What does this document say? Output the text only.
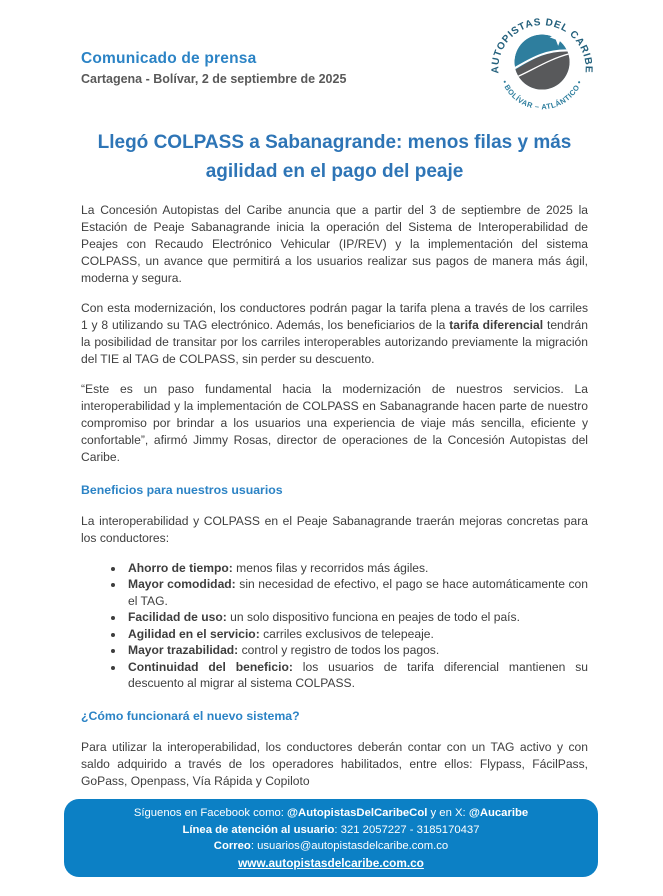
Comunicado de prensa
Cartagena - Bolívar, 2 de septiembre de 2025
AUTOPISTAS DEL CARIBE
• BOLÍVAR – ATLÁNTICO •
Llegó COLPASS a Sabanagrande: menos filas y más agilidad en el pago del peaje

La Concesión Autopistas del Caribe anuncia que a partir del 3 de septiembre de 2025 la Estación de Peaje Sabanagrande inicia la operación del Sistema de Interoperabilidad de Peajes con Recaudo Electrónico Vehicular (IP/REV) y la implementación del sistema COLPASS, un avance que permitirá a los usuarios realizar sus pagos de manera más ágil, moderna y segura.

Con esta modernización, los conductores podrán pagar la tarifa plena a través de los carriles 1 y 8 utilizando su TAG electrónico. Además, los beneficiarios de la tarifa diferencial tendrán la posibilidad de transitar por los carriles interoperables autorizando previamente la migración del TIE al TAG de COLPASS, sin perder su descuento.

“Este es un paso fundamental hacia la modernización de nuestros servicios. La interoperabilidad y la implementación de COLPASS en Sabanagrande hacen parte de nuestro compromiso por brindar a los usuarios una experiencia de viaje más sencilla, eficiente y confortable”, afirmó Jimmy Rosas, director de operaciones de la Concesión Autopistas del Caribe.

Beneficios para nuestros usuarios

La interoperabilidad y COLPASS en el Peaje Sabanagrande traerán mejoras concretas para los conductores:

• Ahorro de tiempo: menos filas y recorridos más ágiles.
• Mayor comodidad: sin necesidad de efectivo, el pago se hace automáticamente con el TAG.
• Facilidad de uso: un solo dispositivo funciona en peajes de todo el país.
• Agilidad en el servicio: carriles exclusivos de telepeaje.
• Mayor trazabilidad: control y registro de todos los pagos.
• Continuidad del beneficio: los usuarios de tarifa diferencial mantienen su descuento al migrar al sistema COLPASS.
¿Cómo funcionará el nuevo sistema?

Para utilizar la interoperabilidad, los conductores deberán contar con un TAG activo y con saldo adquirido a través de los operadores habilitados, entre ellos: Flypass, FácilPass, GoPass, Openpass, Vía Rápida y Copiloto

Síguenos en Facebook como: @AutopistasDelCaribeCol y en X: @Aucaribe
Línea de atención al usuario: 321 2057227 - 3185170437
Correo: usuarios@autopistasdelcaribe.com.co
www.autopistasdelcaribe.com.co
